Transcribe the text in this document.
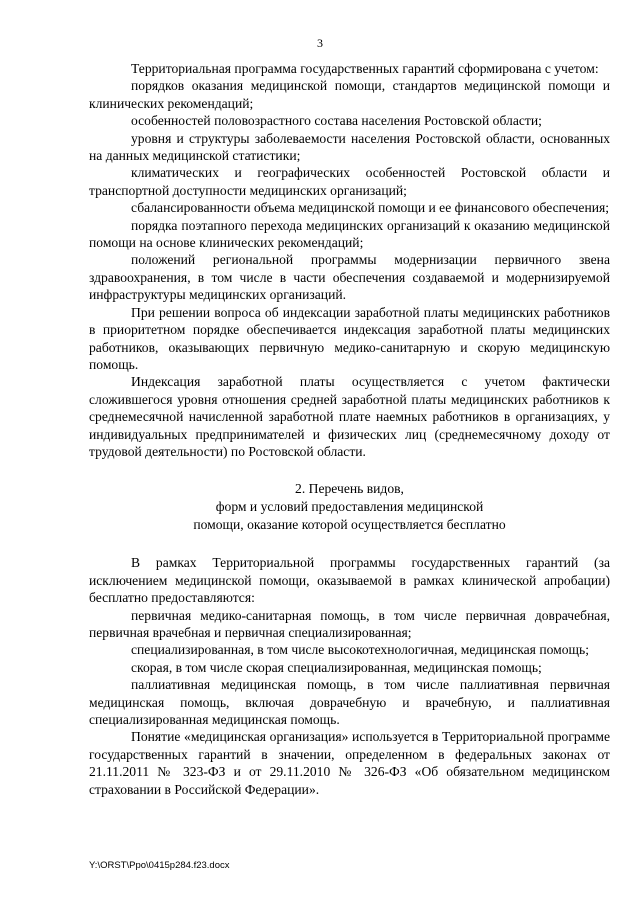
3

Территориальная программа государственных гарантий сформирована с учетом:

порядков оказания медицинской помощи, стандартов медицинской помощи и клинических рекомендаций;

особенностей половозрастного состава населения Ростовской области;

уровня и структуры заболеваемости населения Ростовской области, основанных на данных медицинской статистики;

климатических и географических особенностей Ростовской области и транспортной доступности медицинских организаций;

сбалансированности объема медицинской помощи и ее финансового обеспечения;

порядка поэтапного перехода медицинских организаций к оказанию медицинской помощи на основе клинических рекомендаций;

положений региональной программы модернизации первичного звена здравоохранения, в том числе в части обеспечения создаваемой и модернизируемой инфраструктуры медицинских организаций.

При решении вопроса об индексации заработной платы медицинских работников в приоритетном порядке обеспечивается индексация заработной платы медицинских работников, оказывающих первичную медико-санитарную и скорую медицинскую помощь.

Индексация заработной платы осуществляется с учетом фактически сложившегося уровня отношения средней заработной платы медицинских работников к среднемесячной начисленной заработной плате наемных работников в организациях, у индивидуальных предпринимателей и физических лиц (среднемесячному доходу от трудовой деятельности) по Ростовской области.

2. Перечень видов,
форм и условий предоставления медицинской
помощи, оказание которой осуществляется бесплатно

В рамках Территориальной программы государственных гарантий (за исключением медицинской помощи, оказываемой в рамках клинической апробации) бесплатно предоставляются:

первичная медико-санитарная помощь, в том числе первичная доврачебная, первичная врачебная и первичная специализированная;

специализированная, в том числе высокотехнологичная, медицинская помощь;

скорая, в том числе скорая специализированная, медицинская помощь;

паллиативная медицинская помощь, в том числе паллиативная первичная медицинская помощь, включая доврачебную и врачебную, и паллиативная специализированная медицинская помощь.

Понятие «медицинская организация» используется в Территориальной программе государственных гарантий в значении, определенном в федеральных законах от 21.11.2011 № 323-ФЗ и от 29.11.2010 № 326-ФЗ «Об обязательном медицинском страховании в Российской Федерации».

Y:\ORST\Ppo\0415p284.f23.docx
